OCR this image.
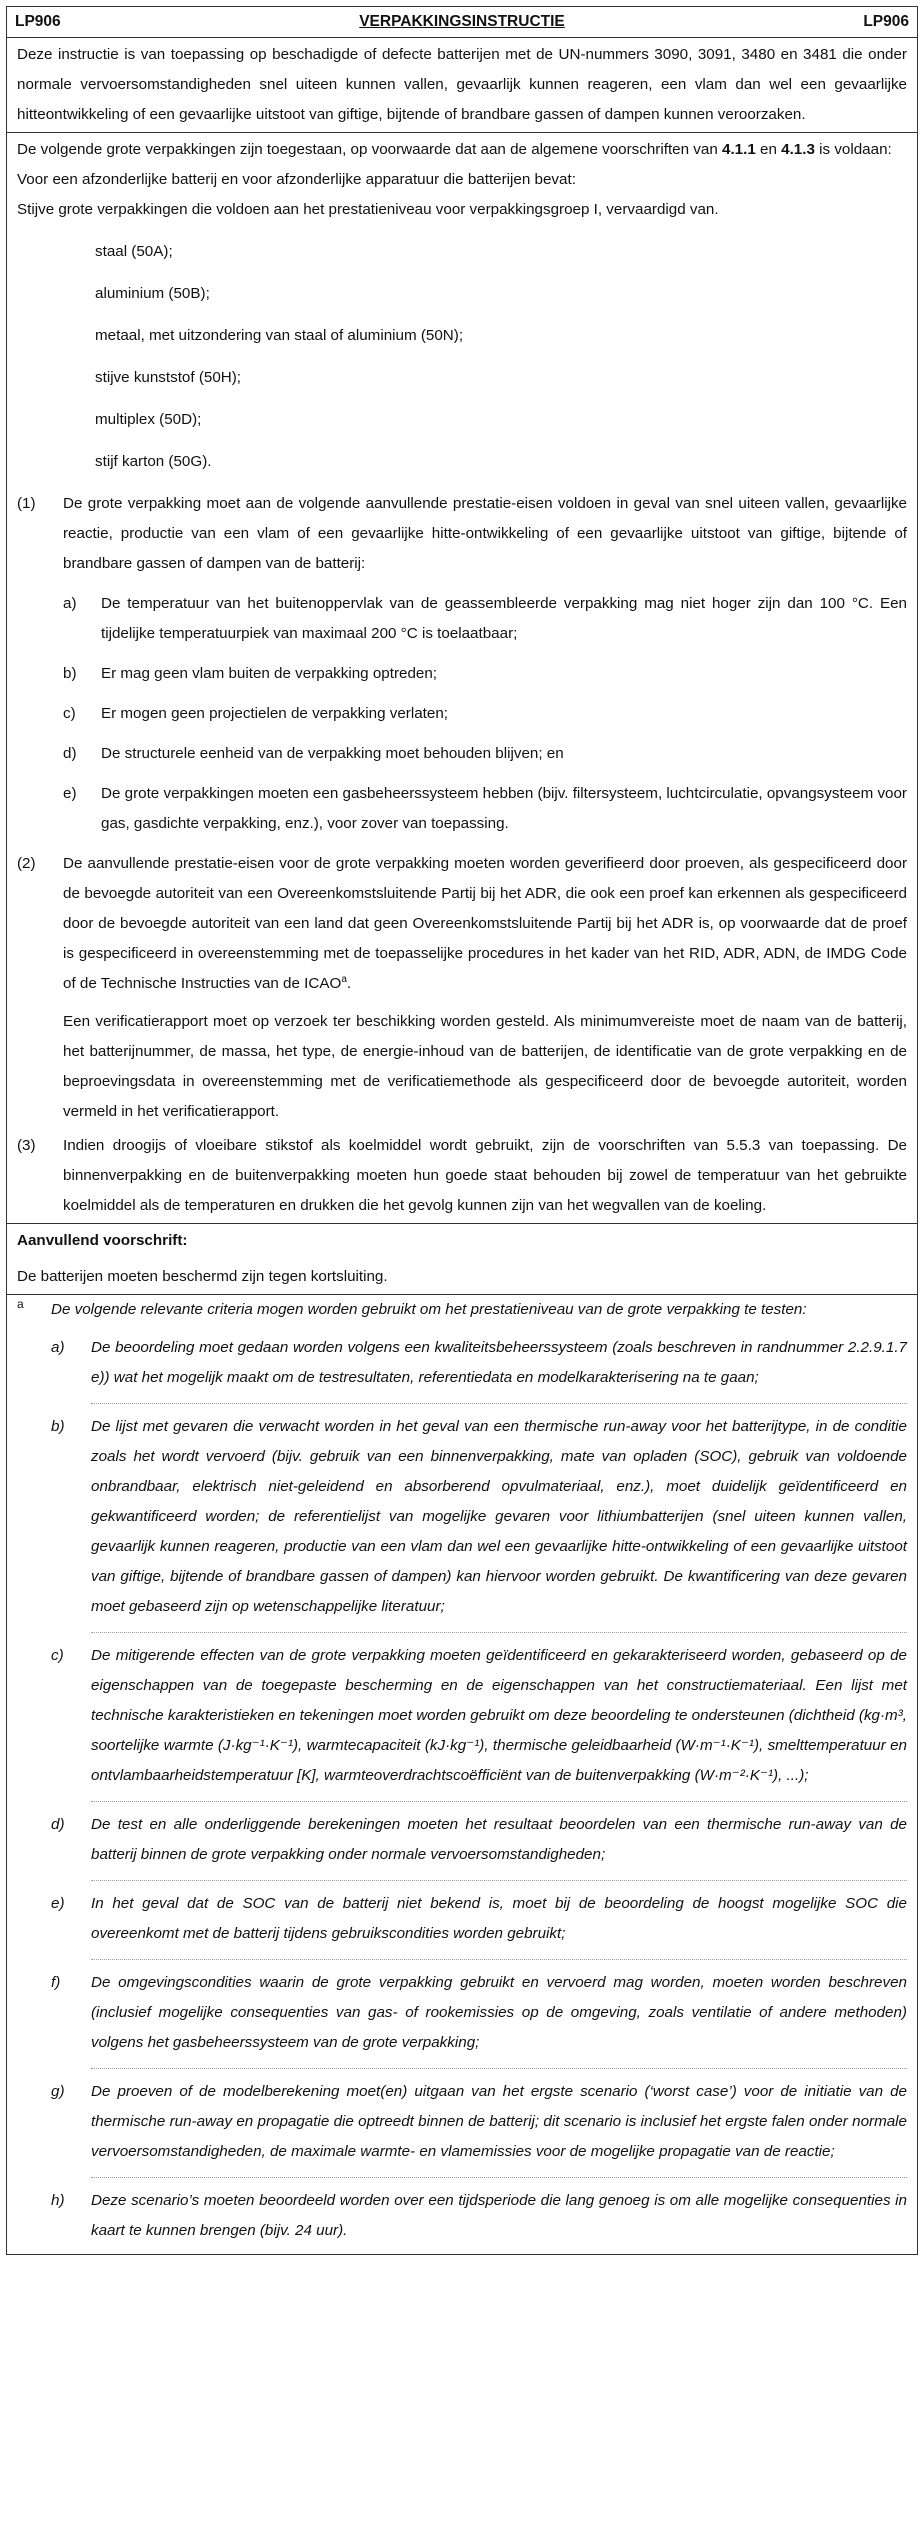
LP906	VERPAKKINGSINSTRUCTIE	LP906

Deze instructie is van toepassing op beschadigde of defecte batterijen met de UN-nummers 3090, 3091, 3480 en 3481 die onder normale vervoersomstandigheden snel uiteen kunnen vallen, gevaarlijk kunnen reageren, een vlam dan wel een gevaarlijke hitteontwikkeling of een gevaarlijke uitstoot van giftige, bijtende of brandbare gassen of dampen kunnen veroorzaken.

De volgende grote verpakkingen zijn toegestaan, op voorwaarde dat aan de algemene voorschriften van 4.1.1 en 4.1.3 is voldaan:

Voor een afzonderlijke batterij en voor afzonderlijke apparatuur die batterijen bevat:

Stijve grote verpakkingen die voldoen aan het prestatieniveau voor verpakkingsgroep I, vervaardigd van.

staal (50A);
aluminium (50B);
metaal, met uitzondering van staal of aluminium (50N);
stijve kunststof (50H);
multiplex (50D);
stijf karton (50G).
(1)	De grote verpakking moet aan de volgende aanvullende prestatie-eisen voldoen in geval van snel uiteen vallen, gevaarlijke reactie, productie van een vlam of een gevaarlijke hitte-ontwikkeling of een gevaarlijke uitstoot van giftige, bijtende of brandbare gassen of dampen van de batterij:
a)	De temperatuur van het buitenoppervlak van de geassembleerde verpakking mag niet hoger zijn dan 100 °C. Een tijdelijke temperatuurpiek van maximaal 200 °C is toelaatbaar;
b)	Er mag geen vlam buiten de verpakking optreden;
c)	Er mogen geen projectielen de verpakking verlaten;
d)	De structurele eenheid van de verpakking moet behouden blijven; en
e)	De grote verpakkingen moeten een gasbeheerssysteem hebben (bijv. filtersysteem, luchtcirculatie, opvangsysteem voor gas, gasdichte verpakking, enz.), voor zover van toepassing.
(2)	De aanvullende prestatie-eisen voor de grote verpakking moeten worden geverifieerd door proeven, als gespecificeerd door de bevoegde autoriteit van een Overeenkomstsluitende Partij bij het ADR, die ook een proef kan erkennen als gespecificeerd door de bevoegde autoriteit van een land dat geen Overeenkomstsluitende Partij bij het ADR is, op voorwaarde dat de proef is gespecificeerd in overeenstemming met de toepasselijke procedures in het kader van het RID, ADR, ADN, de IMDG Code of de Technische Instructies van de ICAO$^a$.

Een verificatierapport moet op verzoek ter beschikking worden gesteld. Als minimumvereiste moet de naam van de batterij, het batterijnummer, de massa, het type, de energie-inhoud van de batterijen, de identificatie van de grote verpakking en de beproevingsdata in overeenstemming met de verificatiemethode als gespecificeerd door de bevoegde autoriteit, worden vermeld in het verificatierapport.

(3)	Indien droogijs of vloeibare stikstof als koelmiddel wordt gebruikt, zijn de voorschriften van 5.5.3 van toepassing. De binnenverpakking en de buitenverpakking moeten hun goede staat behouden bij zowel de temperatuur van het gebruikte koelmiddel als de temperaturen en drukken die het gevolg kunnen zijn van het wegvallen van de koeling.
Aanvullend voorschrift:

De batterijen moeten beschermd zijn tegen kortsluiting.

a	De volgende relevante criteria mogen worden gebruikt om het prestatieniveau van de grote verpakking te testen:
a)	De beoordeling moet gedaan worden volgens een kwaliteitsbeheerssysteem (zoals beschreven in randnummer 2.2.9.1.7 e)) wat het mogelijk maakt om de testresultaten, referentiedata en modelkarakterisering na te gaan;
b)	De lijst met gevaren die verwacht worden in het geval van een thermische run-away voor het batterijtype, in de conditie zoals het wordt vervoerd (bijv. gebruik van een binnenverpakking, mate van opladen (SOC), gebruik van voldoende onbrandbaar, elektrisch niet-geleidend en absorberend opvulmateriaal, enz.), moet duidelijk geïdentificeerd en gekwantificeerd worden; de referentielijst van mogelijke gevaren voor lithiumbatterijen (snel uiteen kunnen vallen, gevaarlijk kunnen reageren, productie van een vlam dan wel een gevaarlijke hitte-ontwikkeling of een gevaarlijke uitstoot van giftige, bijtende of brandbare gassen of dampen) kan hiervoor worden gebruikt. De kwantificering van deze gevaren moet gebaseerd zijn op wetenschappelijke literatuur;
c)	De mitigerende effecten van de grote verpakking moeten geïdentificeerd en gekarakteriseerd worden, gebaseerd op de eigenschappen van de toegepaste bescherming en de eigenschappen van het constructiemateriaal. Een lijst met technische karakteristieken en tekeningen moet worden gebruikt om deze beoordeling te ondersteunen (dichtheid (kg·m³, soortelijke warmte (J·kg⁻¹·K⁻¹), warmtecapaciteit (kJ·kg⁻¹), thermische geleidbaarheid (W·m⁻¹·K⁻¹), smelttemperatuur en ontvlambaarheidstemperatuur [K], warmteoverdrachtscoëfficiënt van de buitenverpakking (W·m⁻²·K⁻¹), ...);
d)	De test en alle onderliggende berekeningen moeten het resultaat beoordelen van een thermische run-away van de batterij binnen de grote verpakking onder normale vervoersomstandigheden;
e)	In het geval dat de SOC van de batterij niet bekend is, moet bij de beoordeling de hoogst mogelijke SOC die overeenkomt met de batterij tijdens gebruikscondities worden gebruikt;
f)	De omgevingscondities waarin de grote verpakking gebruikt en vervoerd mag worden, moeten worden beschreven (inclusief mogelijke consequenties van gas- of rookemissies op de omgeving, zoals ventilatie of andere methoden) volgens het gasbeheerssysteem van de grote verpakking;
g)	De proeven of de modelberekening moet(en) uitgaan van het ergste scenario (‘worst case’) voor de initiatie van de thermische run-away en propagatie die optreedt binnen de batterij; dit scenario is inclusief het ergste falen onder normale vervoersomstandigheden, de maximale warmte- en vlamemissies voor de mogelijke propagatie van de reactie;
h)	Deze scenario’s moeten beoordeeld worden over een tijdsperiode die lang genoeg is om alle mogelijke consequenties in kaart te kunnen brengen (bijv. 24 uur).
